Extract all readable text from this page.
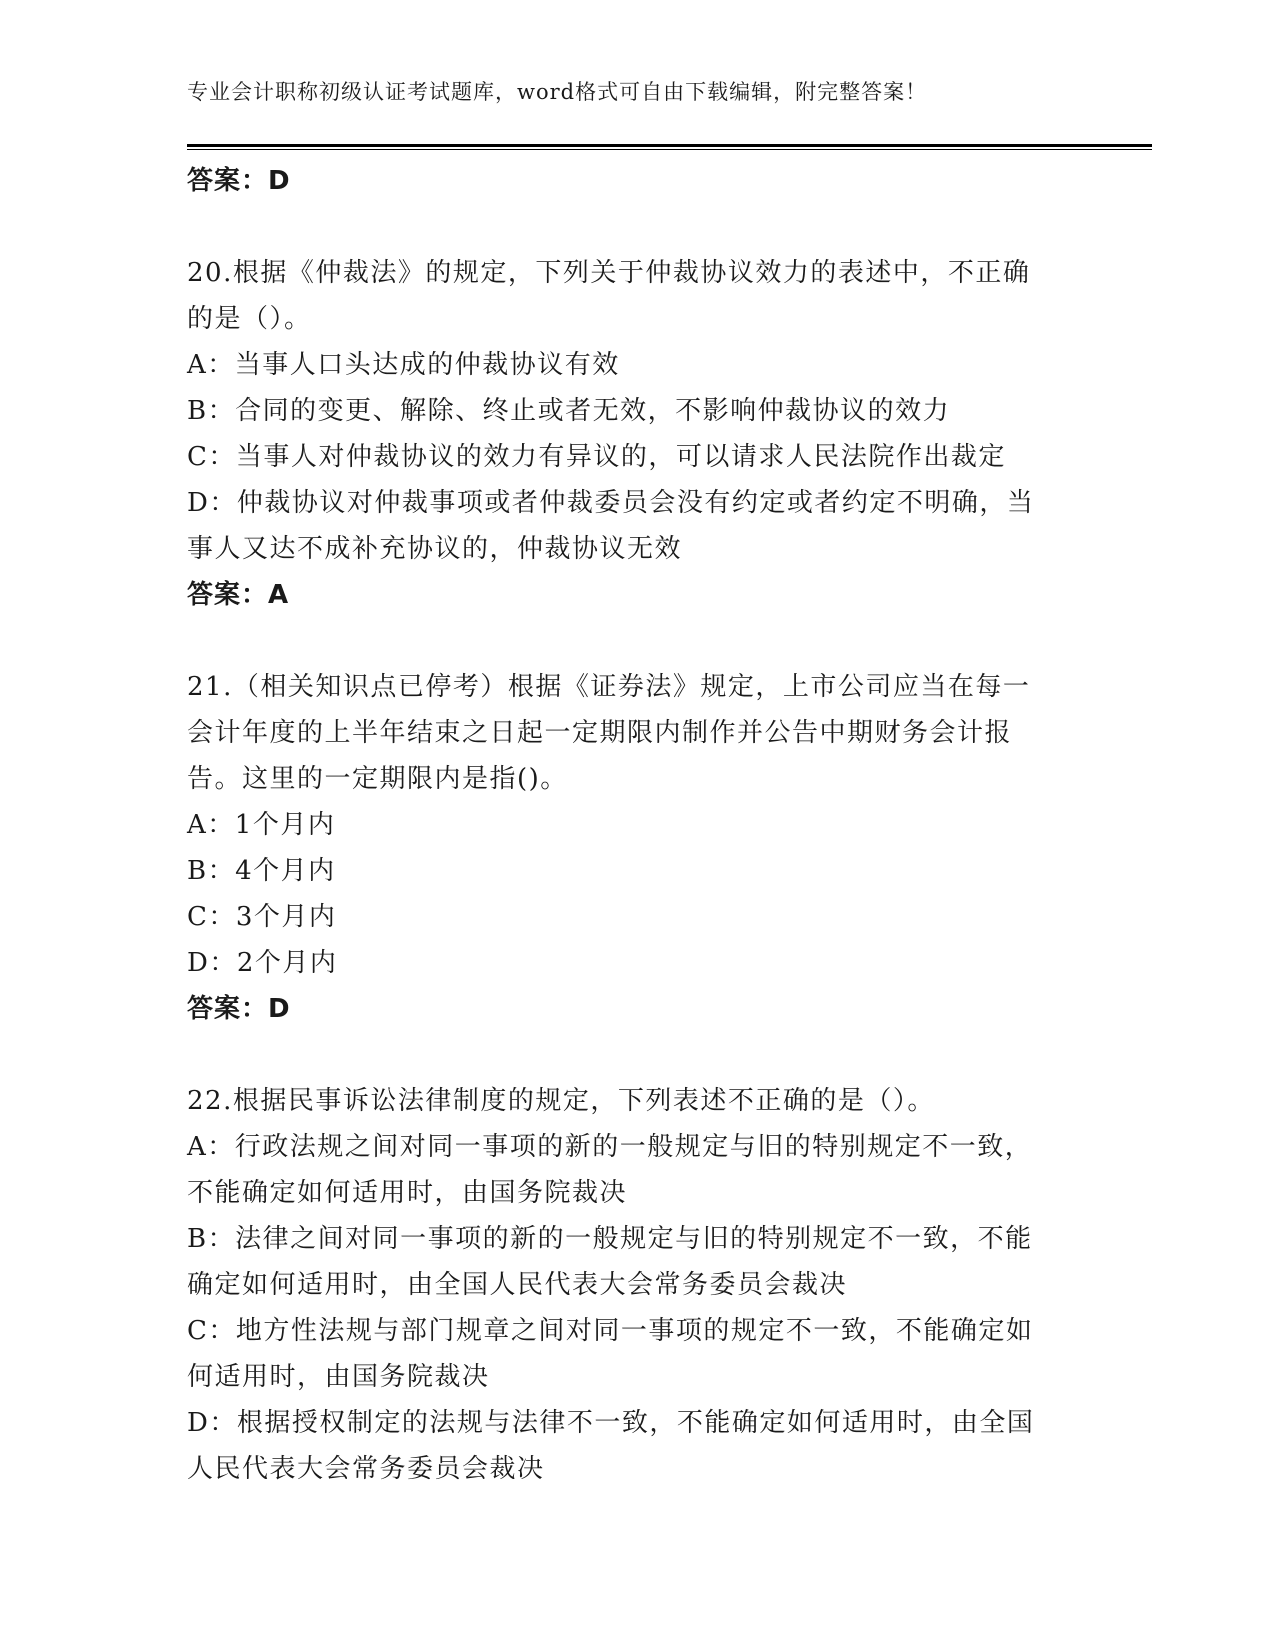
专业会计职称初级认证考试题库，word格式可自由下载编辑，附完整答案！
答案：D
20.根据《仲裁法》的规定，下列关于仲裁协议效力的表述中，不正确
的是（）。
A：当事人口头达成的仲裁协议有效
B：合同的变更、解除、终止或者无效，不影响仲裁协议的效力
C：当事人对仲裁协议的效力有异议的，可以请求人民法院作出裁定
D：仲裁协议对仲裁事项或者仲裁委员会没有约定或者约定不明确，当
事人又达不成补充协议的，仲裁协议无效
答案：A
21.（相关知识点已停考）根据《证券法》规定，上市公司应当在每一
会计年度的上半年结束之日起一定期限内制作并公告中期财务会计报
告。这里的一定期限内是指()。
A：1个月内
B：4个月内
C：3个月内
D：2个月内
答案：D
22.根据民事诉讼法律制度的规定，下列表述不正确的是（）。
A：行政法规之间对同一事项的新的一般规定与旧的特别规定不一致，
不能确定如何适用时，由国务院裁决
B：法律之间对同一事项的新的一般规定与旧的特别规定不一致，不能
确定如何适用时，由全国人民代表大会常务委员会裁决
C：地方性法规与部门规章之间对同一事项的规定不一致，不能确定如
何适用时，由国务院裁决
D：根据授权制定的法规与法律不一致，不能确定如何适用时，由全国
人民代表大会常务委员会裁决
